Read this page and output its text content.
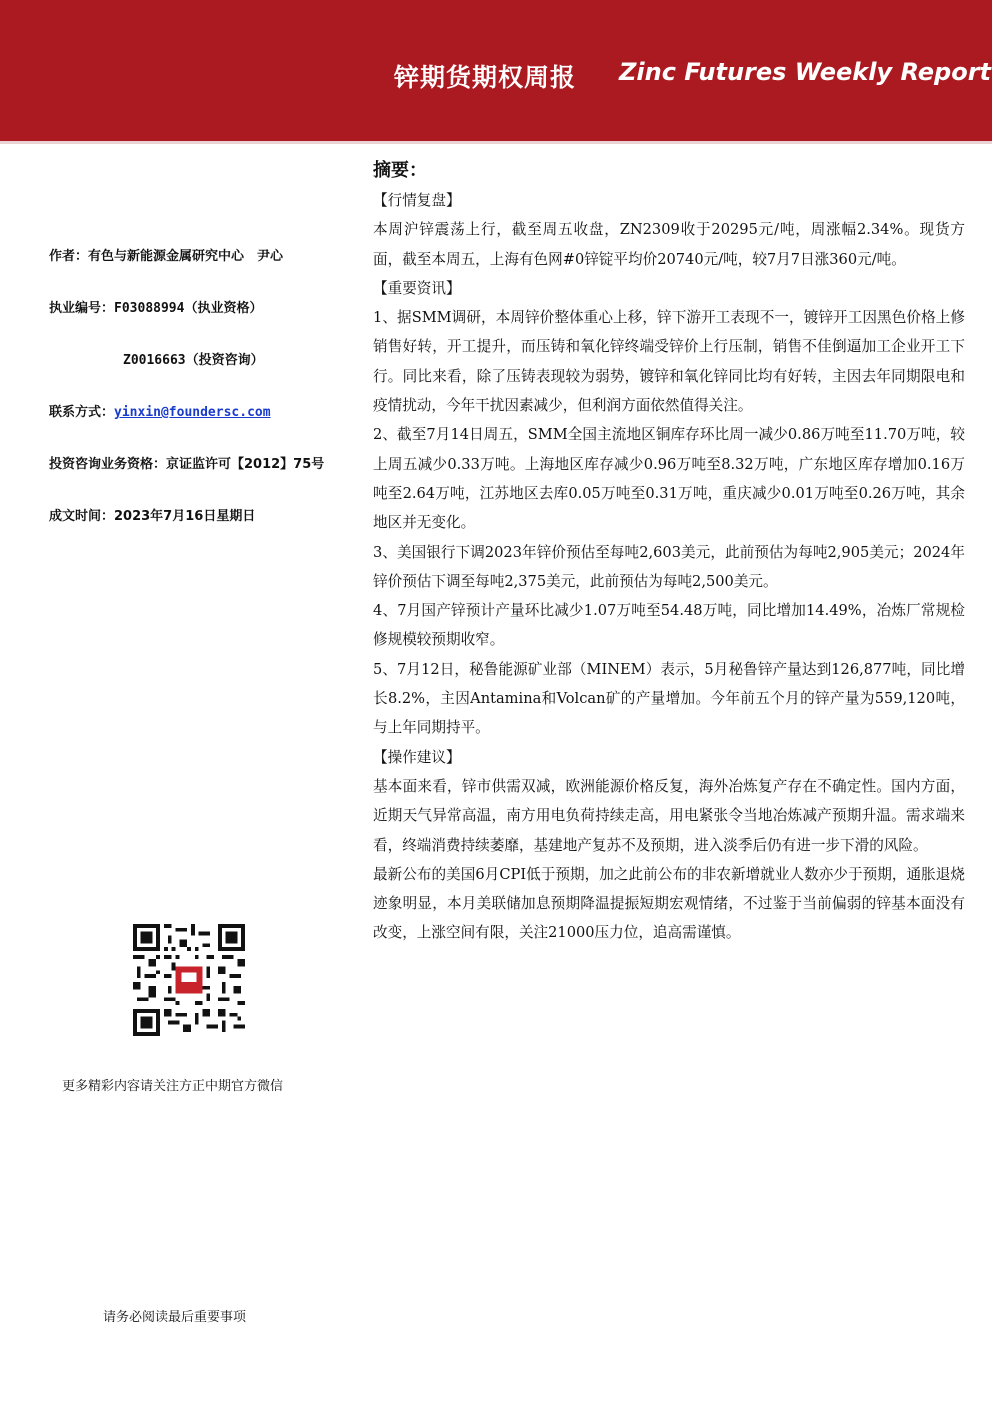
锌期货期权周报 Zinc Futures Weekly Report
作者：有色与新能源金属研究中心　尹心
执业编号：F03088994（执业资格）
Z0016663（投资咨询）
联系方式：yinxin@foundersc.com
投资咨询业务资格：京证监许可【2012】75号
成文时间：2023年7月16日星期日
更多精彩内容请关注方正中期官方微信
请务必阅读最后重要事项
摘要：

【行情复盘】

本周沪锌震荡上行，截至周五收盘，ZN2309收于20295元/吨，周涨幅2.34%。现货方面，截至本周五，上海有色网#0锌锭平均价20740元/吨，较7月7日涨360元/吨。

【重要资讯】

1、据SMM调研，本周锌价整体重心上移，锌下游开工表现不一，镀锌开工因黑色价格上修销售好转，开工提升，而压铸和氧化锌终端受锌价上行压制，销售不佳倒逼加工企业开工下行。同比来看，除了压铸表现较为弱势，镀锌和氧化锌同比均有好转，主因去年同期限电和疫情扰动，今年干扰因素减少，但利润方面依然值得关注。

2、截至7月14日周五，SMM全国主流地区铜库存环比周一减少0.86万吨至11.70万吨，较上周五减少0.33万吨。上海地区库存减少0.96万吨至8.32万吨，广东地区库存增加0.16万吨至2.64万吨，江苏地区去库0.05万吨至0.31万吨，重庆减少0.01万吨至0.26万吨，其余地区并无变化。

3、美国银行下调2023年锌价预估至每吨2,603美元，此前预估为每吨2,905美元；2024年锌价预估下调至每吨2,375美元，此前预估为每吨2,500美元。

4、7月国产锌预计产量环比减少1.07万吨至54.48万吨，同比增加14.49%，冶炼厂常规检修规模较预期收窄。

5、7月12日，秘鲁能源矿业部（MINEM）表示，5月秘鲁锌产量达到126,877吨，同比增长8.2%，主因Antamina和Volcan矿的产量增加。今年前五个月的锌产量为559,120吨，与上年同期持平。

【操作建议】

基本面来看，锌市供需双减，欧洲能源价格反复，海外冶炼复产存在不确定性。国内方面，近期天气异常高温，南方用电负荷持续走高，用电紧张令当地冶炼减产预期升温。需求端来看，终端消费持续萎靡，基建地产复苏不及预期，进入淡季后仍有进一步下滑的风险。

最新公布的美国6月CPI低于预期，加之此前公布的非农新增就业人数亦少于预期，通胀退烧迹象明显，本月美联储加息预期降温提振短期宏观情绪，不过鉴于当前偏弱的锌基本面没有改变，上涨空间有限，关注21000压力位，追高需谨慎。
